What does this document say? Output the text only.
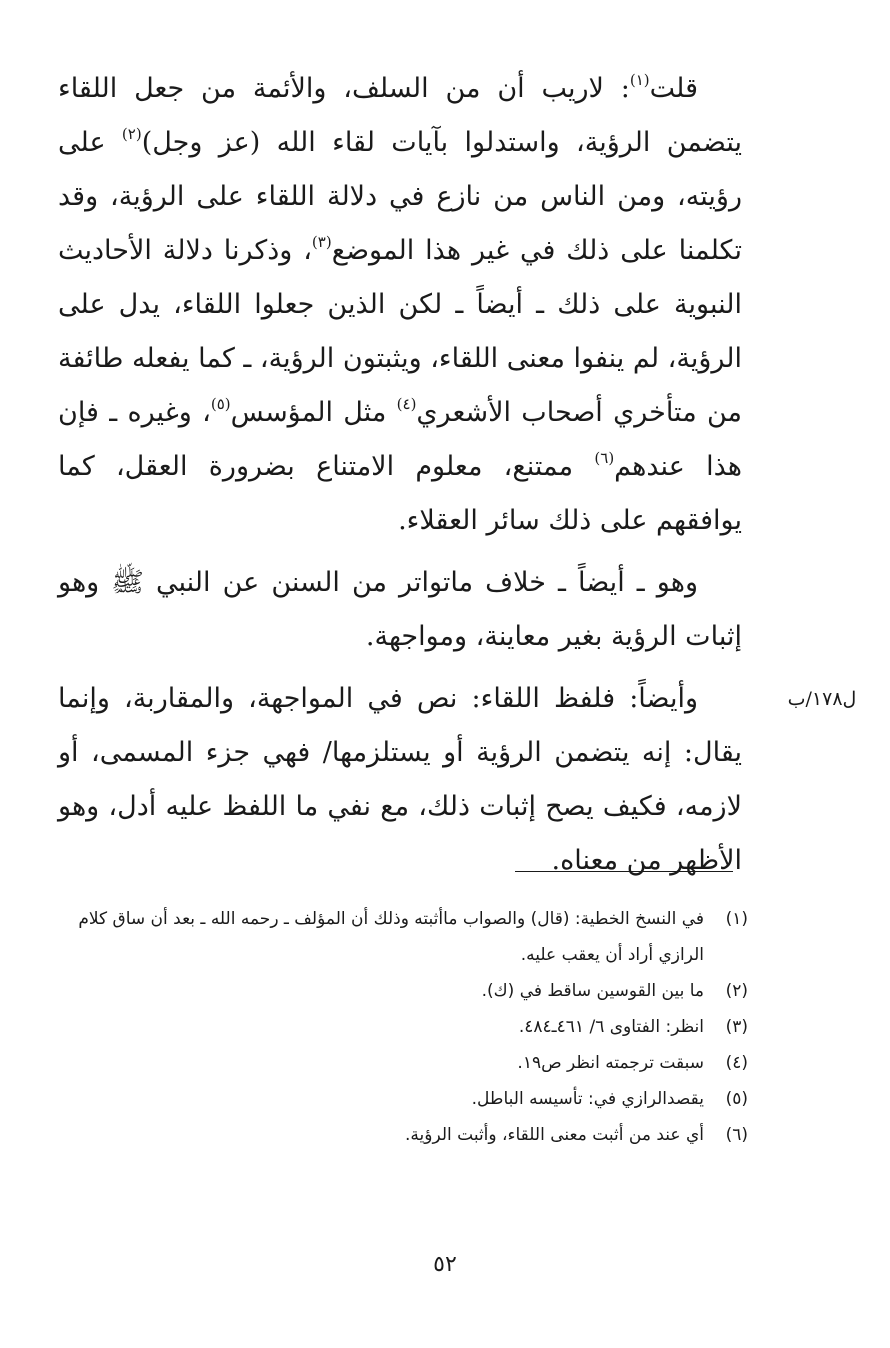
قلت$^{(١)}$: لاريب أن من السلف، والأئمة من جعل اللقاء يتضمن الرؤية، واستدلوا بآيات لقاء الله (عز وجل)$^{(٢)}$ على رؤيته، ومن الناس من نازع في دلالة اللقاء على الرؤية، وقد تكلمنا على ذلك في غير هذا الموضع$^{(٣)}$، وذكرنا دلالة الأحاديث النبوية على ذلك ـ أيضاً ـ لكن الذين جعلوا اللقاء، يدل على الرؤية، لم ينفوا معنى اللقاء، ويثبتون الرؤية، ـ كما يفعله طائفة من متأخري أصحاب الأشعري$^{(٤)}$ مثل المؤسس$^{(٥)}$، وغيره ـ فإن هذا عندهم$^{(٦)}$ ممتنع، معلوم الامتناع بضرورة العقل، كما يوافقهم على ذلك سائر العقلاء.

وهو ـ أيضاً ـ خلاف ماتواتر من السنن عن النبي ﷺ وهو إثبات الرؤية بغير معاينة، ومواجهة.

وأيضاً: فلفظ اللقاء: نص في المواجهة، والمقاربة، وإنما يقال: إنه يتضمن الرؤية أو يستلزمها/ فهي جزء المسمى، أو لازمه، فكيف يصح إثبات ذلك، مع نفي ما اللفظ عليه أدل، وهو الأظهر من معناه.

ل١٧٨/ب
(١)
في النسخ الخطية: (قال) والصواب ماأثبته وذلك أن المؤلف ـ رحمه الله ـ بعد أن ساق كلام الرازي أراد أن يعقب عليه.
(٢)
ما بين القوسين ساقط في (ك).
(٣)
انظر: الفتاوى ٦/ ٤٦١ـ٤٨٤.
(٤)
سبقت ترجمته انظر ص١٩.
(٥)
يقصدالرازي في: تأسيسه الباطل.
(٦)
أي عند من أثبت معنى اللقاء، وأثبت الرؤية.
٥٢
